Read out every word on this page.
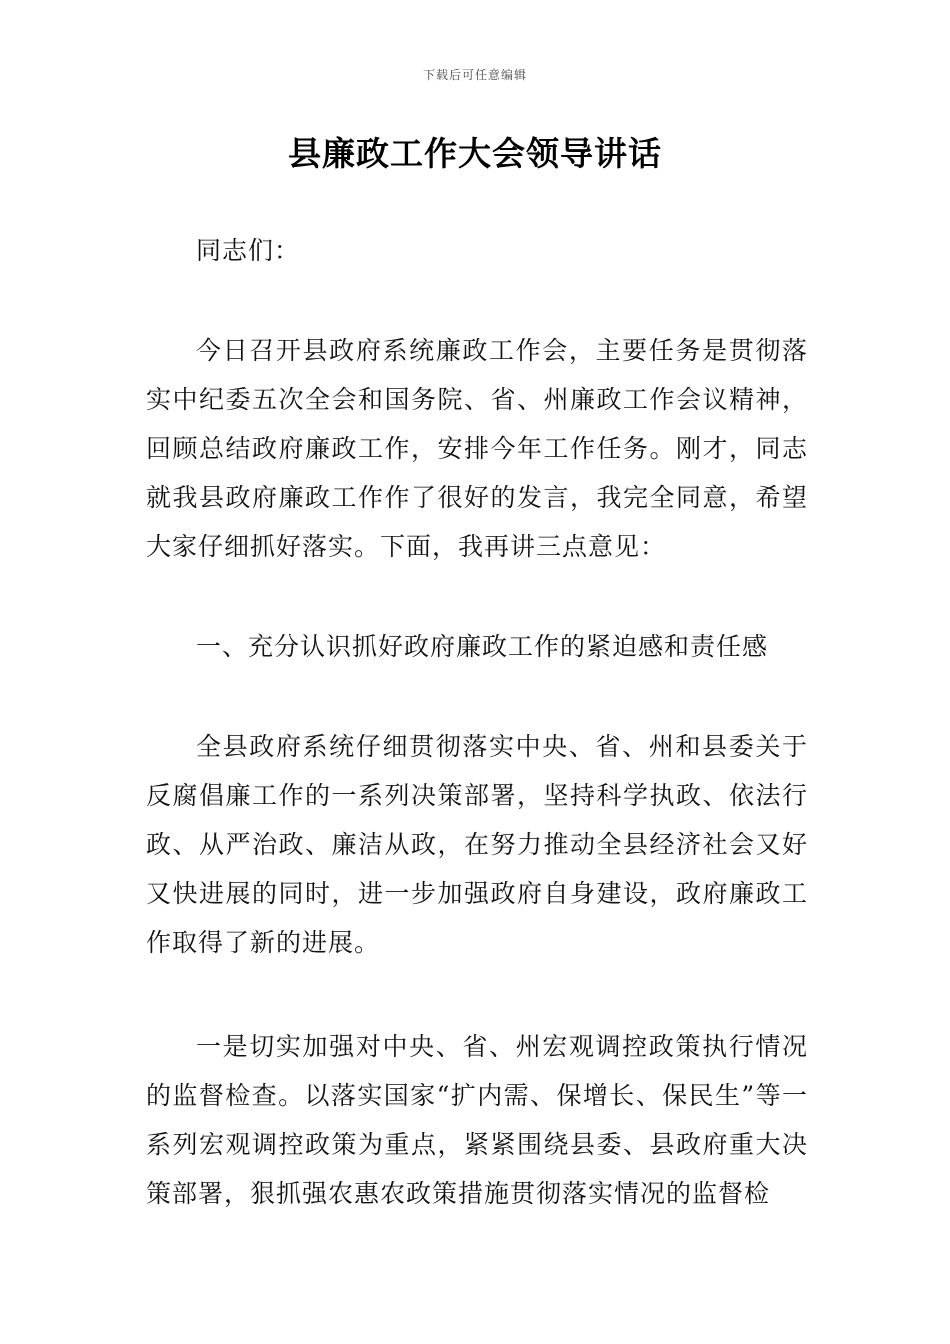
下载后可任意编辑
县廉政工作大会领导讲话

同志们：

今日召开县政府系统廉政工作会，主要任务是贯彻落实中纪委五次全会和国务院、省、州廉政工作会议精神，回顾总结政府廉政工作，安排今年工作任务。刚才，同志就我县政府廉政工作作了很好的发言，我完全同意，希望大家仔细抓好落实。下面，我再讲三点意见：

一、充分认识抓好政府廉政工作的紧迫感和责任感

全县政府系统仔细贯彻落实中央、省、州和县委关于反腐倡廉工作的一系列决策部署，坚持科学执政、依法行政、从严治政、廉洁从政，在努力推动全县经济社会又好又快进展的同时，进一步加强政府自身建设，政府廉政工作取得了新的进展。

一是切实加强对中央、省、州宏观调控政策执行情况的监督检查。以落实国家“扩内需、保增长、保民生”等一系列宏观调控政策为重点，紧紧围绕县委、县政府重大决策部署，狠抓强农惠农政策措施贯彻落实情况的监督检
